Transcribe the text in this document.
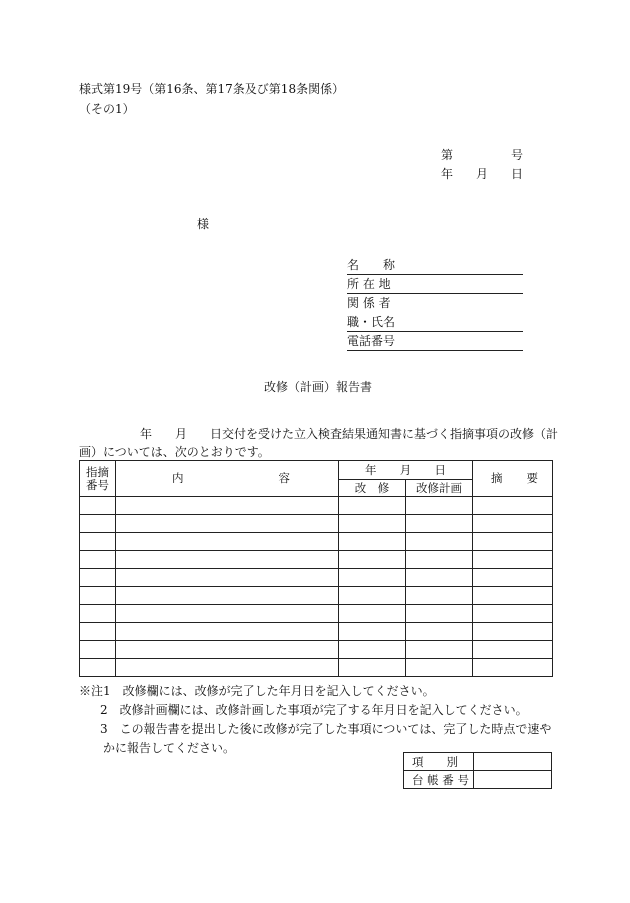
様式第19号（第16条、第17条及び第18条関係）
（その1）
第	号
年 月 日
様
名　　称
所 在 地
関 係 者
職・氏名
電話番号
改修（計画）報告書
年 月 日交付を受けた立入検査結果通知書に基づく指摘事項の改修（計
画）については、次のとおりです。
指摘番号	内 容	年 月 日		摘 要

		改　修	改修計画	

※注1　改修欄には、改修が完了した年月日を記入してください。
2　改修計画欄には、改修計画した事項が完了する年月日を記入してください。
3　この報告書を提出した後に改修が完了した事項については、完了した時点で速や
かに報告してください。
項　　別	

台 帳 番 号	
